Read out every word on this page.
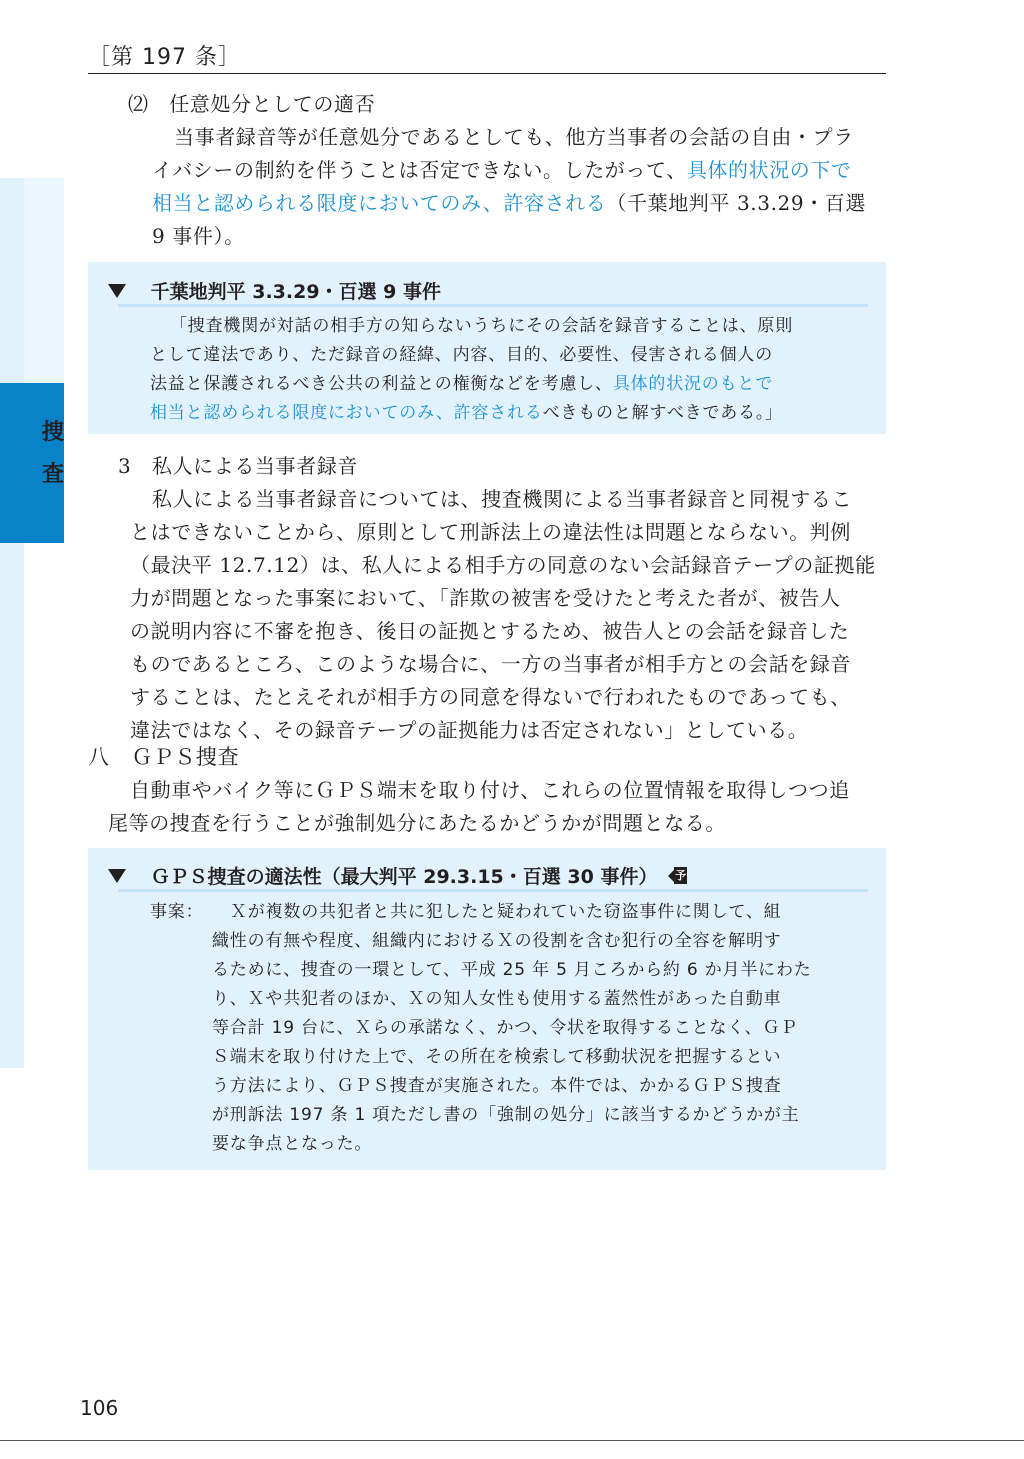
［第 197 条］
捜
査
⑵　任意処分としての適否
当事者録音等が任意処分であるとしても、他方当事者の会話の自由・プラ
イバシーの制約を伴うことは否定できない。したがって、具体的状況の下で
相当と認められる限度においてのみ、許容される（千葉地判平 3.3.29・百選
9 事件）。
千葉地判平 3.3.29・百選 9 事件
「捜査機関が対話の相手方の知らないうちにその会話を録音することは、原則
として違法であり、ただ録音の経緯、内容、目的、必要性、侵害される個人の
法益と保護されるべき公共の利益との権衡などを考慮し、具体的状況のもとで
相当と認められる限度においてのみ、許容されるべきものと解すべきである。」
3　私人による当事者録音
私人による当事者録音については、捜査機関による当事者録音と同視するこ
とはできないことから、原則として刑訴法上の違法性は問題とならない。判例
（最決平 12.7.12）は、私人による相手方の同意のない会話録音テープの証拠能
力が問題となった事案において、「詐欺の被害を受けたと考えた者が、被告人
の説明内容に不審を抱き、後日の証拠とするため、被告人との会話を録音した
ものであるところ、このような場合に、一方の当事者が相手方との会話を録音
することは、たとえそれが相手方の同意を得ないで行われたものであっても、
違法ではなく、その録音テープの証拠能力は否定されない」としている。
八　ＧＰＳ捜査
自動車やバイク等にＧＰＳ端末を取り付け、これらの位置情報を取得しつつ追
尾等の捜査を行うことが強制処分にあたるかどうかが問題となる。
ＧＰＳ捜査の適法性（最大判平 29.3.15・百選 30 事件） 予
事案： Ｘが複数の共犯者と共に犯したと疑われていた窃盗事件に関して、組
織性の有無や程度、組織内におけるＸの役割を含む犯行の全容を解明す
るために、捜査の一環として、平成 25 年 5 月ころから約 6 か月半にわた
り、Ｘや共犯者のほか、Ｘの知人女性も使用する蓋然性があった自動車
等合計 19 台に、Ｘらの承諾なく、かつ、令状を取得することなく、ＧＰ
Ｓ端末を取り付けた上で、その所在を検索して移動状況を把握するとい
う方法により、ＧＰＳ捜査が実施された。本件では、かかるＧＰＳ捜査
が刑訴法 197 条 1 項ただし書の「強制の処分」に該当するかどうかが主
要な争点となった。
106
